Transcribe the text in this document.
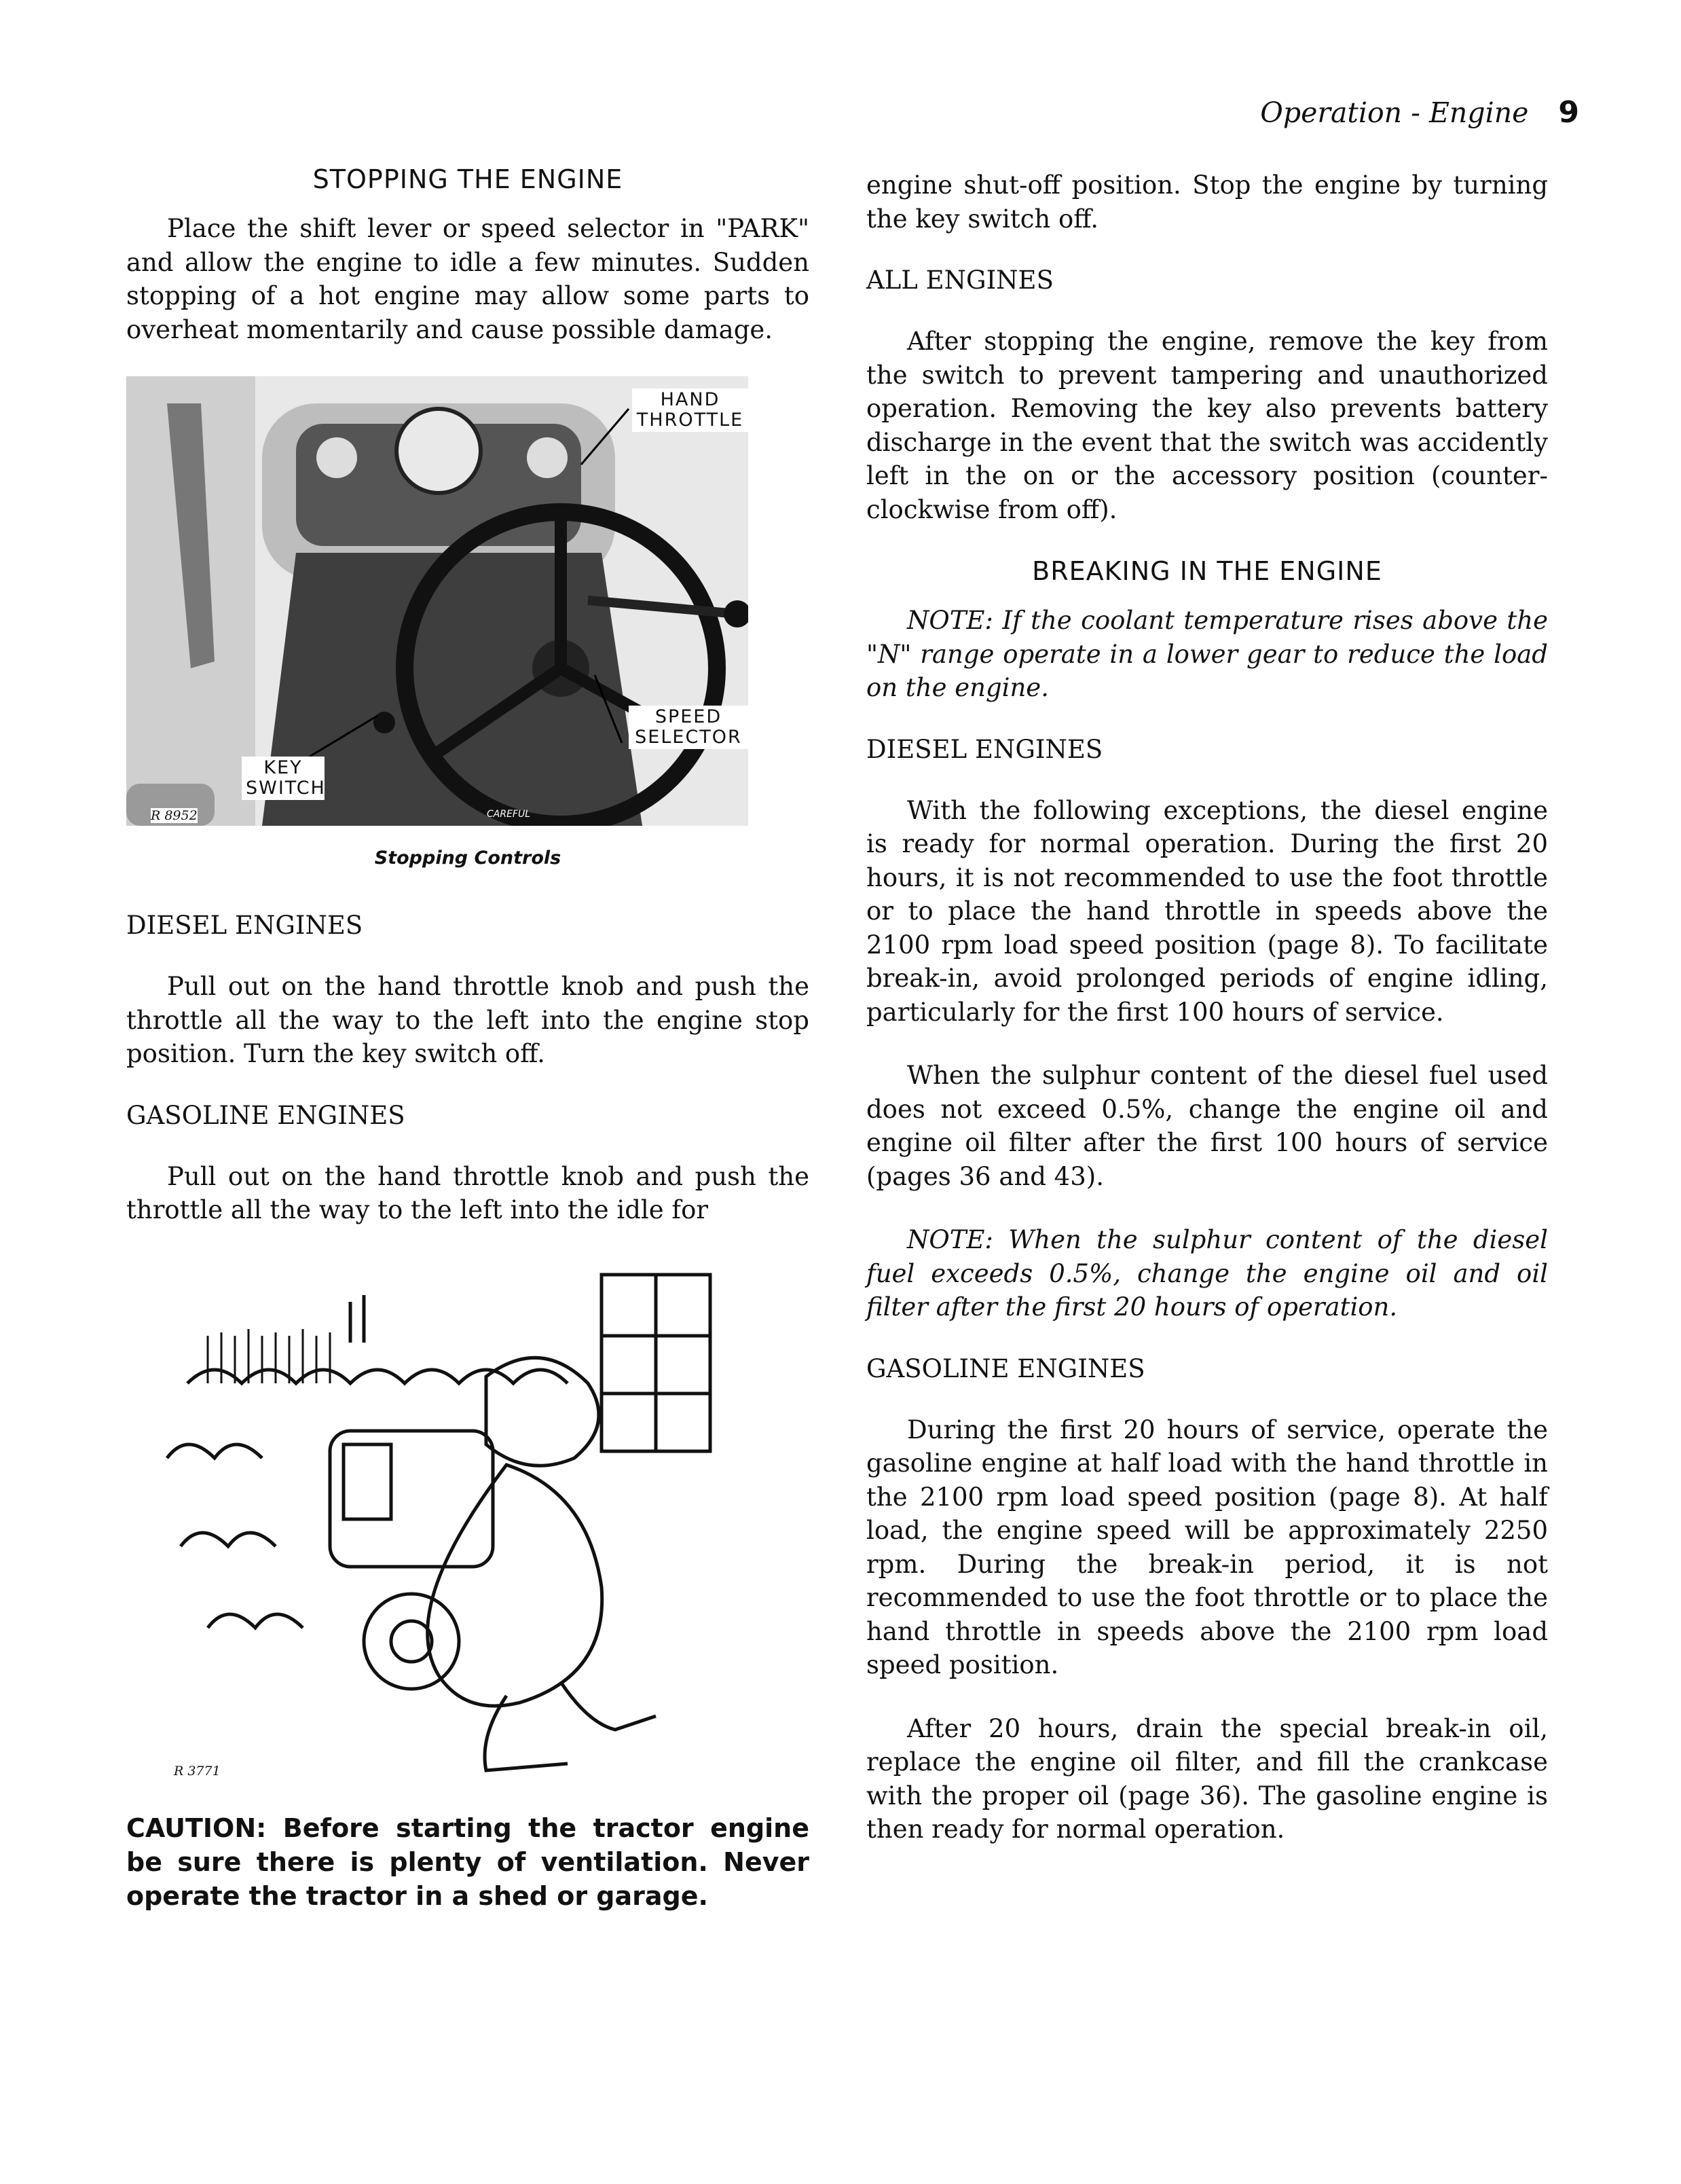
Operation - Engine 9
STOPPING THE ENGINE

Place the shift lever or speed selector in "PARK" and allow the engine to idle a few minutes. Sudden stopping of a hot engine may allow some parts to overheat momentarily and cause possible damage.

HAND THROTTLE
SPEED SELECTOR
KEY SWITCH
CAREFUL
R 8952
Stopping Controls
DIESEL ENGINES

Pull out on the hand throttle knob and push the throttle all the way to the left into the engine stop position. Turn the key switch off.

GASOLINE ENGINES

Pull out on the hand throttle knob and push the throttle all the way to the left into the idle for

R 3771
CAUTION: Before starting the tractor engine be sure there is plenty of ventilation. Never operate the tractor in a shed or garage.

engine shut-off position. Stop the engine by turning the key switch off.

ALL ENGINES

After stopping the engine, remove the key from the switch to prevent tampering and unauthorized operation. Removing the key also prevents battery discharge in the event that the switch was accidently left in the on or the accessory position (counter-clockwise from off).

BREAKING IN THE ENGINE

NOTE: If the coolant temperature rises above the "N" range operate in a lower gear to reduce the load on the engine.

DIESEL ENGINES

With the following exceptions, the diesel engine is ready for normal operation. During the first 20 hours, it is not recommended to use the foot throttle or to place the hand throttle in speeds above the 2100 rpm load speed position (page 8). To facilitate break-in, avoid prolonged periods of engine idling, particularly for the first 100 hours of service.

When the sulphur content of the diesel fuel used does not exceed 0.5%, change the engine oil and engine oil filter after the first 100 hours of service (pages 36 and 43).

NOTE: When the sulphur content of the diesel fuel exceeds 0.5%, change the engine oil and oil filter after the first 20 hours of operation.

GASOLINE ENGINES

During the first 20 hours of service, operate the gasoline engine at half load with the hand throttle in the 2100 rpm load speed position (page 8). At half load, the engine speed will be approximately 2250 rpm. During the break-in period, it is not recommended to use the foot throttle or to place the hand throttle in speeds above the 2100 rpm load speed position.

After 20 hours, drain the special break-in oil, replace the engine oil filter, and fill the crankcase with the proper oil (page 36). The gasoline engine is then ready for normal operation.
